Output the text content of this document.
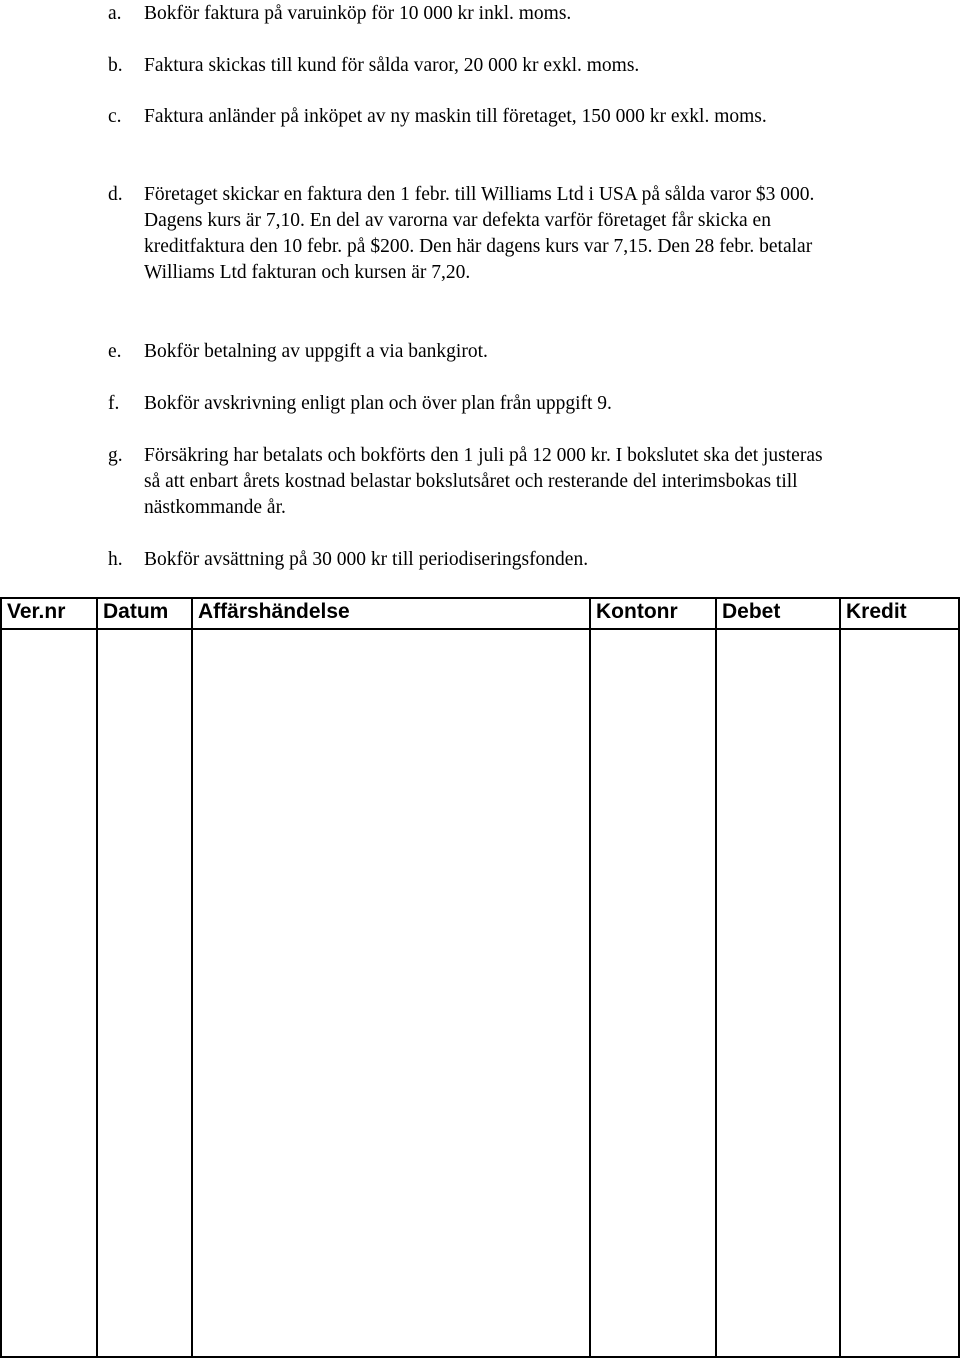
a.	Bokför faktura på varuinköp för 10 000 kr inkl. moms.
b.	Faktura skickas till kund för sålda varor, 20 000 kr exkl. moms.
c.	Faktura anländer på inköpet av ny maskin till företaget, 150 000 kr exkl. moms.
d.	Företaget skickar en faktura den 1 febr. till Williams Ltd i USA på sålda varor $3 000. Dagens kurs är 7,10. En del av varorna var defekta varför företaget får skicka en kreditfaktura den 10 febr. på $200. Den här dagens kurs var 7,15. Den 28 febr. betalar Williams Ltd fakturan och kursen är 7,20.
e.	Bokför betalning av uppgift a via bankgirot.
f.	Bokför avskrivning enligt plan och över plan från uppgift 9.
g.	Försäkring har betalats och bokförts den 1 juli på 12 000 kr. I bokslutet ska det justeras så att enbart årets kostnad belastar bokslutsåret och resterande del interimsbokas till nästkommande år.
h.	Bokför avsättning på 30 000 kr till periodiseringsfonden.
Ver.nr	Datum	Affärshändelse	Kontonr	Debet	Kredit
